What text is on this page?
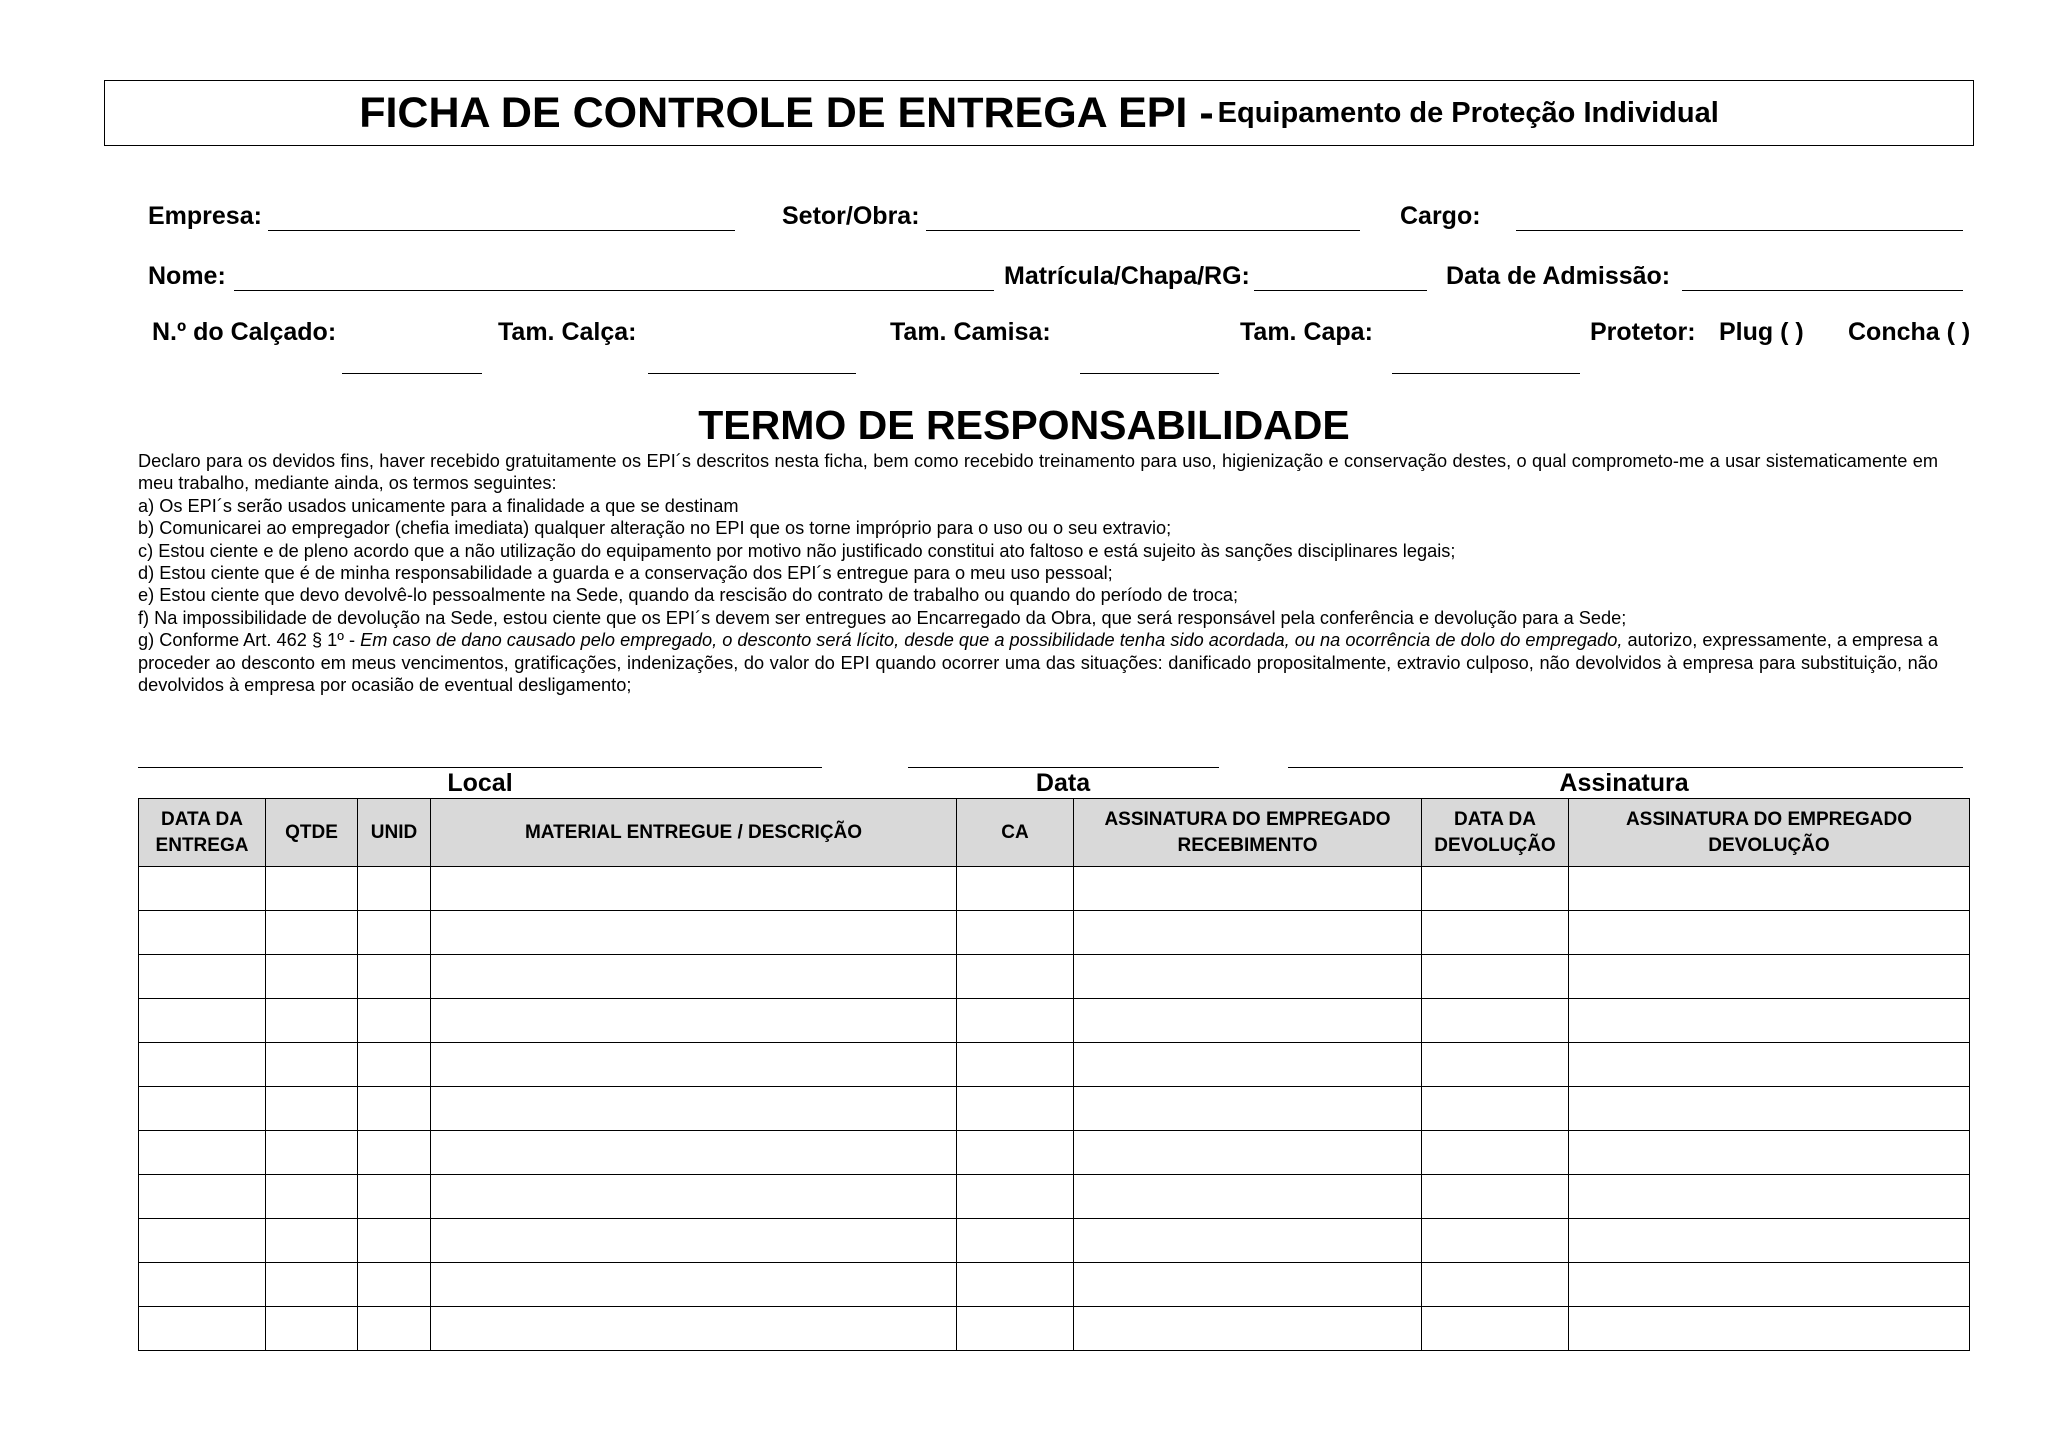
FICHA DE CONTROLE DE ENTREGA EPI - Equipamento de Proteção Individual
Empresa:	Setor/Obra:	Cargo:
Nome:	Matrícula/Chapa/RG:	Data de Admissão:
N.º do Calçado:	Tam. Calça:	Tam. Camisa:	Tam. Capa:	Protetor: Plug ( ) Concha ( )
TERMO DE RESPONSABILIDADE

Declaro para os devidos fins, haver recebido gratuitamente os EPI´s descritos nesta ficha, bem como recebido treinamento para uso, higienização e conservação destes, o qual comprometo-me a usar sistematicamente em meu trabalho, mediante ainda, os termos seguintes:

a) Os EPI´s serão usados unicamente para a finalidade a que se destinam

b) Comunicarei ao empregador (chefia imediata) qualquer alteração no EPI que os torne impróprio para o uso ou o seu extravio;

c) Estou ciente e de pleno acordo que a não utilização do equipamento por motivo não justificado constitui ato faltoso e está sujeito às sanções disciplinares legais;

d) Estou ciente que é de minha responsabilidade a guarda e a conservação dos EPI´s entregue para o meu uso pessoal;

e) Estou ciente que devo devolvê-lo pessoalmente na Sede, quando da rescisão do contrato de trabalho ou quando do período de troca;

f) Na impossibilidade de devolução na Sede, estou ciente que os EPI´s devem ser entregues ao Encarregado da Obra, que será responsável pela conferência e devolução para a Sede;

g) Conforme Art. 462 § 1º - Em caso de dano causado pelo empregado, o desconto será lícito, desde que a possibilidade tenha sido acordada, ou na ocorrência de dolo do empregado, autorizo, expressamente, a empresa a proceder ao desconto em meus vencimentos, gratificações, indenizações, do valor do EPI quando ocorrer uma das situações: danificado propositalmente, extravio culposo, não devolvidos à empresa para substituição, não devolvidos à empresa por ocasião de eventual desligamento;

Local	Data	Assinatura
DATA DA ENTREGA	QTDE	UNID	MATERIAL ENTREGUE / DESCRIÇÃO	CA	ASSINATURA DO EMPREGADO RECEBIMENTO	DATA DA DEVOLUÇÃO	ASSINATURA DO EMPREGADO DEVOLUÇÃO
